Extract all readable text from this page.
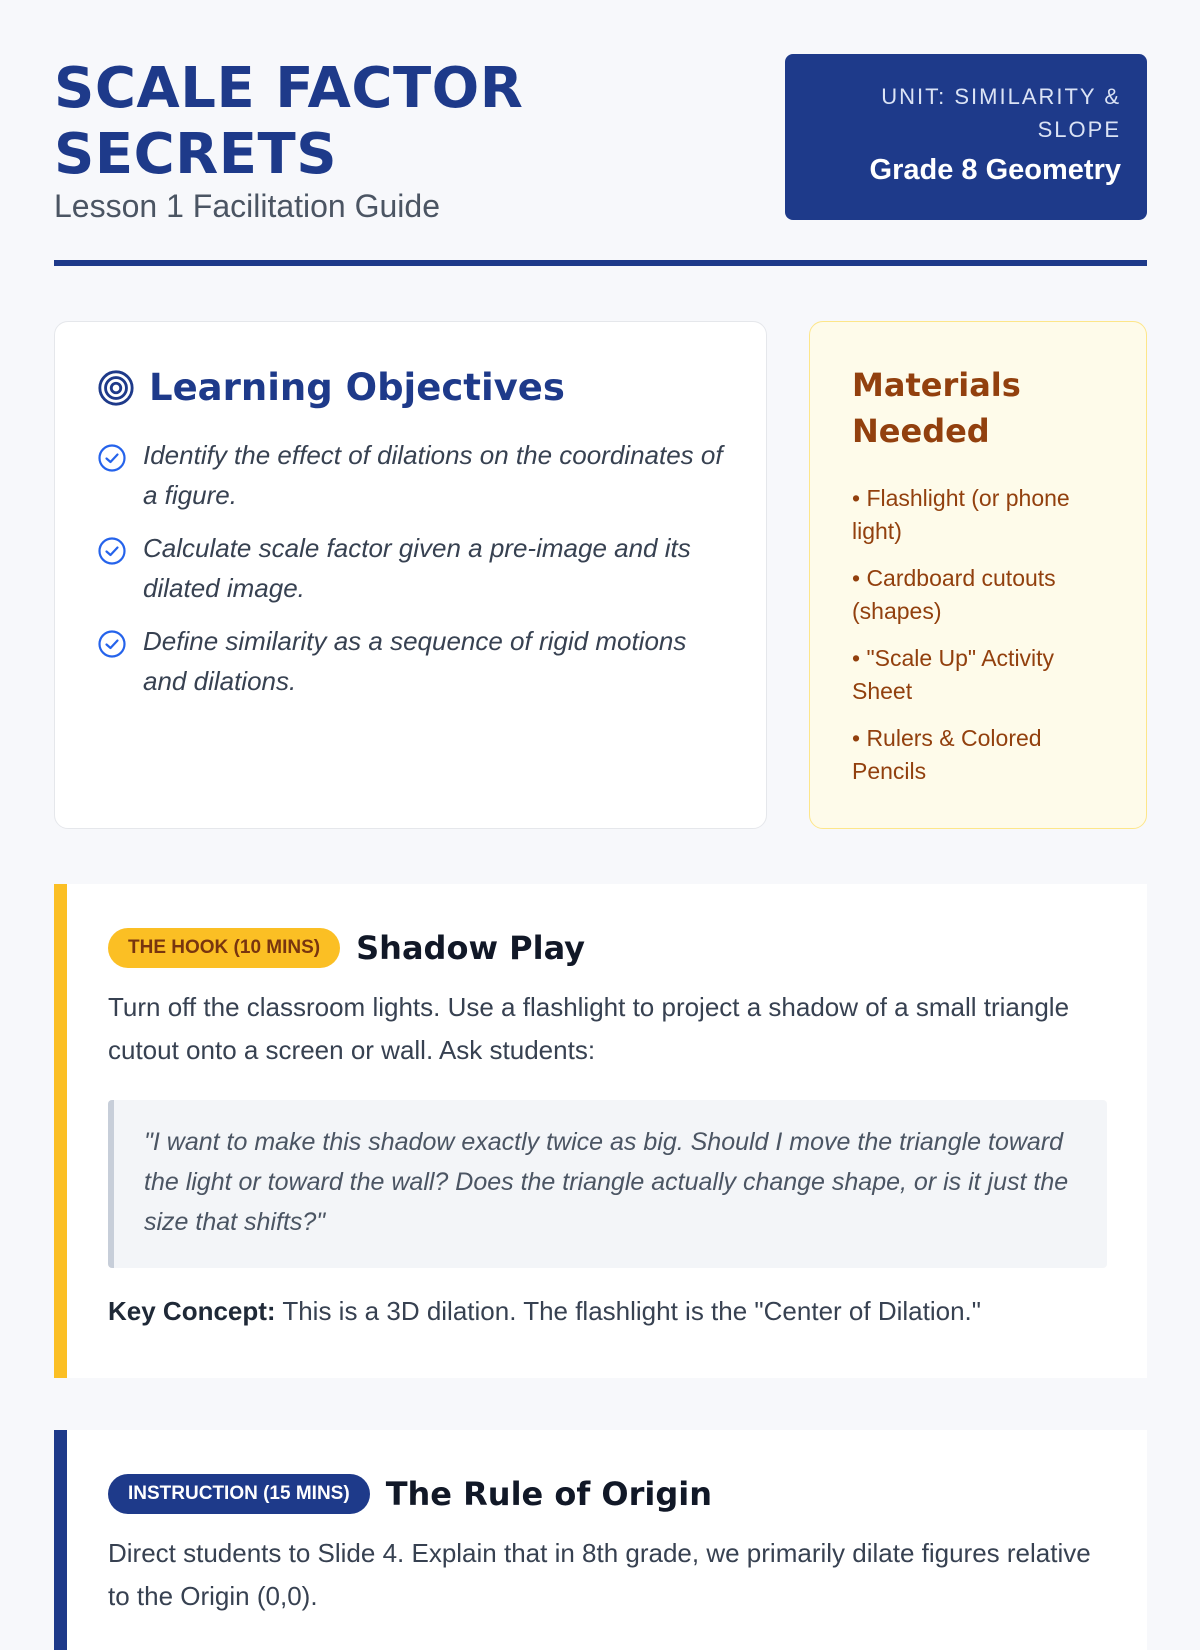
SCALE FACTOR SECRETS

Lesson 1 Facilitation Guide

UNIT: SIMILARITY & SLOPE
Grade 8 Geometry
Learning Objectives
Identify the effect of dilations on the coordinates of a figure.
Calculate scale factor given a pre-image and its dilated image.
Define similarity as a sequence of rigid motions and dilations.
Materials Needed
• Flashlight (or phone light)
• Cardboard cutouts (shapes)
• "Scale Up" Activity Sheet
• Rulers & Colored Pencils
THE HOOK (10 MINS)	Shadow Play

Turn off the classroom lights. Use a flashlight to project a shadow of a small triangle cutout onto a screen or wall. Ask students:

"I want to make this shadow exactly twice as big. Should I move the triangle toward the light or toward the wall? Does the triangle actually change shape, or is it just the size that shifts?"
Key Concept: This is a 3D dilation. The flashlight is the "Center of Dilation."
INSTRUCTION (15 MINS)	The Rule of Origin

Direct students to Slide 4. Explain that in 8th grade, we primarily dilate figures relative to the Origin (0,0).
